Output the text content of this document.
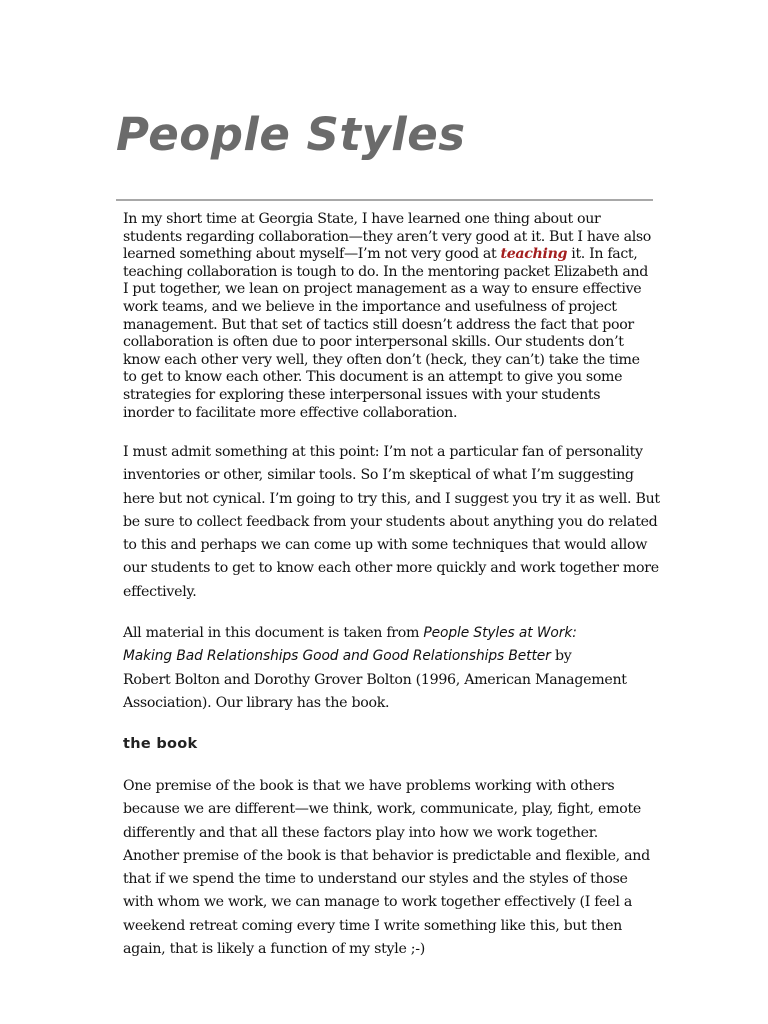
People Styles

In my short time at Georgia State, I have learned one thing about our
students regarding collaboration—they aren’t very good at it. But I have also
learned something about myself—I’m not very good at teaching it. In fact,
teaching collaboration is tough to do. In the mentoring packet Elizabeth and
I put together, we lean on project management as a way to ensure effective
work teams, and we believe in the importance and usefulness of project
management. But that set of tactics still doesn’t address the fact that poor
collaboration is often due to poor interpersonal skills. Our students don’t
know each other very well, they often don’t (heck, they can’t) take the time
to get to know each other. This document is an attempt to give you some
strategies for exploring these interpersonal issues with your students
inorder to facilitate more effective collaboration.

I must admit something at this point: I’m not a particular fan of personality
inventories or other, similar tools. So I’m skeptical of what I’m suggesting
here but not cynical. I’m going to try this, and I suggest you try it as well. But
be sure to collect feedback from your students about anything you do related
to this and perhaps we can come up with some techniques that would allow
our students to get to know each other more quickly and work together more
effectively.

All material in this document is taken from People Styles at Work:
Making Bad Relationships Good and Good Relationships Better by
Robert Bolton and Dorothy Grover Bolton (1996, American Management
Association). Our library has the book.

the book

One premise of the book is that we have problems working with others
because we are different—we think, work, communicate, play, fight, emote
differently and that all these factors play into how we work together.
Another premise of the book is that behavior is predictable and flexible, and
that if we spend the time to understand our styles and the styles of those
with whom we work, we can manage to work together effectively (I feel a
weekend retreat coming every time I write something like this, but then
again, that is likely a function of my style ;-)
